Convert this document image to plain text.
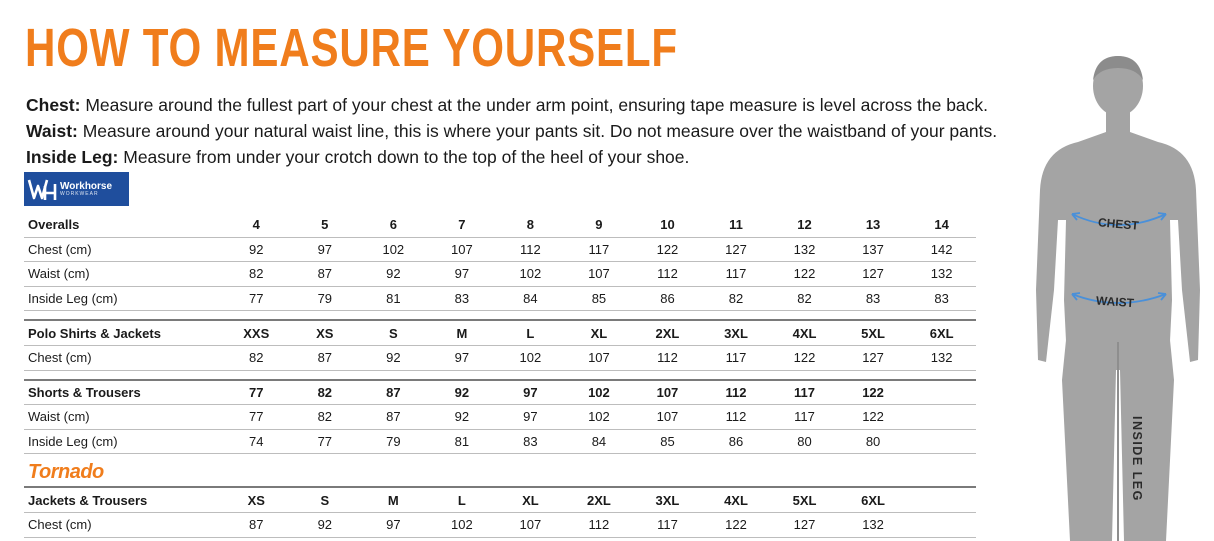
HOW TO MEASURE YOURSELF
Chest: Measure around the fullest part of your chest at the under arm point, ensuring tape measure is level across the back.
Waist: Measure around your natural waist line, this is where your pants sit. Do not measure over the waistband of your pants.
Inside Leg: Measure from under your crotch down to the top of the heel of your shoe.
Workhorse
WORKWEAR
Overalls	4	5	6	7	8	9	10	11	12	13	14
Chest (cm)	92	97	102	107	112	117	122	127	132	137	142
Waist (cm)	82	87	92	97	102	107	112	117	122	127	132
Inside Leg (cm)	77	79	81	83	84	85	86	82	82	83	83

Polo Shirts & Jackets	XXS	XS	S	M	L	XL	2XL	3XL	4XL	5XL	6XL
Chest (cm)	82	87	92	97	102	107	112	117	122	127	132

Shorts & Trousers	77	82	87	92	97	102	107	112	117	122	
Waist (cm)	77	82	87	92	97	102	107	112	117	122	
Inside Leg (cm)	74	77	79	81	83	84	85	86	80	80	
Tornado											
Jackets & Trousers	XS	S	M	L	XL	2XL	3XL	4XL	5XL	6XL	
Chest (cm)	87	92	97	102	107	112	117	122	127	132	
CHEST
WAIST
INSIDE LEG
